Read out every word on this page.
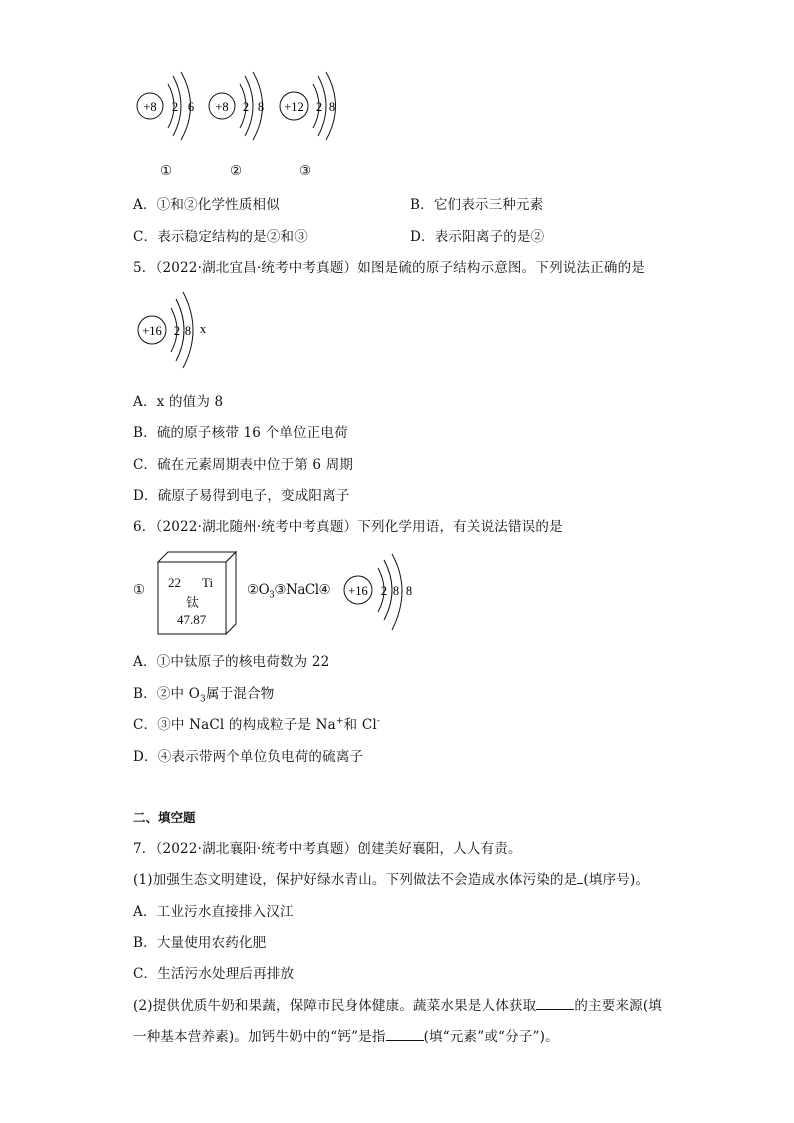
+8 2 6 +8 2 8 +12 2 8
①	②	③
A．①和②化学性质相似	B．它们表示三种元素
C．表示稳定结构的是②和③	D．表示阳离子的是②
5．（2022·湖北宜昌·统考中考真题）如图是硫的原子结构示意图。下列说法正确的是
+16 2 8 x
A．x 的值为 8
B．硫的原子核带 16 个单位正电荷
C．硫在元素周期表中位于第 6 周期
D．硫原子易得到电子，变成阳离子
6．（2022·湖北随州·统考中考真题）下列化学用语，有关说法错误的是
① 22 Ti
钛
47.87
$②O_3③NaCl④ +16$ 2 8 8
A．①中钛原子的核电荷数为 22
B．②中 $O_3$属于混合物
C．③中 NaCl 的构成粒子是 Na+和 Cl-
D．④表示带两个单位负电荷的硫离子
二、填空题
7．（2022·湖北襄阳·统考中考真题）创建美好襄阳，人人有责。
(1)加强生态文明建设，保护好绿水青山。下列做法不会造成水体污染的是 (填序号)。
A．工业污水直接排入汉江
B．大量使用农药化肥
C．生活污水处理后再排放
(2)提供优质牛奶和果蔬，保障市民身体健康。蔬菜水果是人体获取	的主要来源(填
一种基本营养素)。加钙牛奶中的“钙”是指	(填“元素”或“分子”)。
